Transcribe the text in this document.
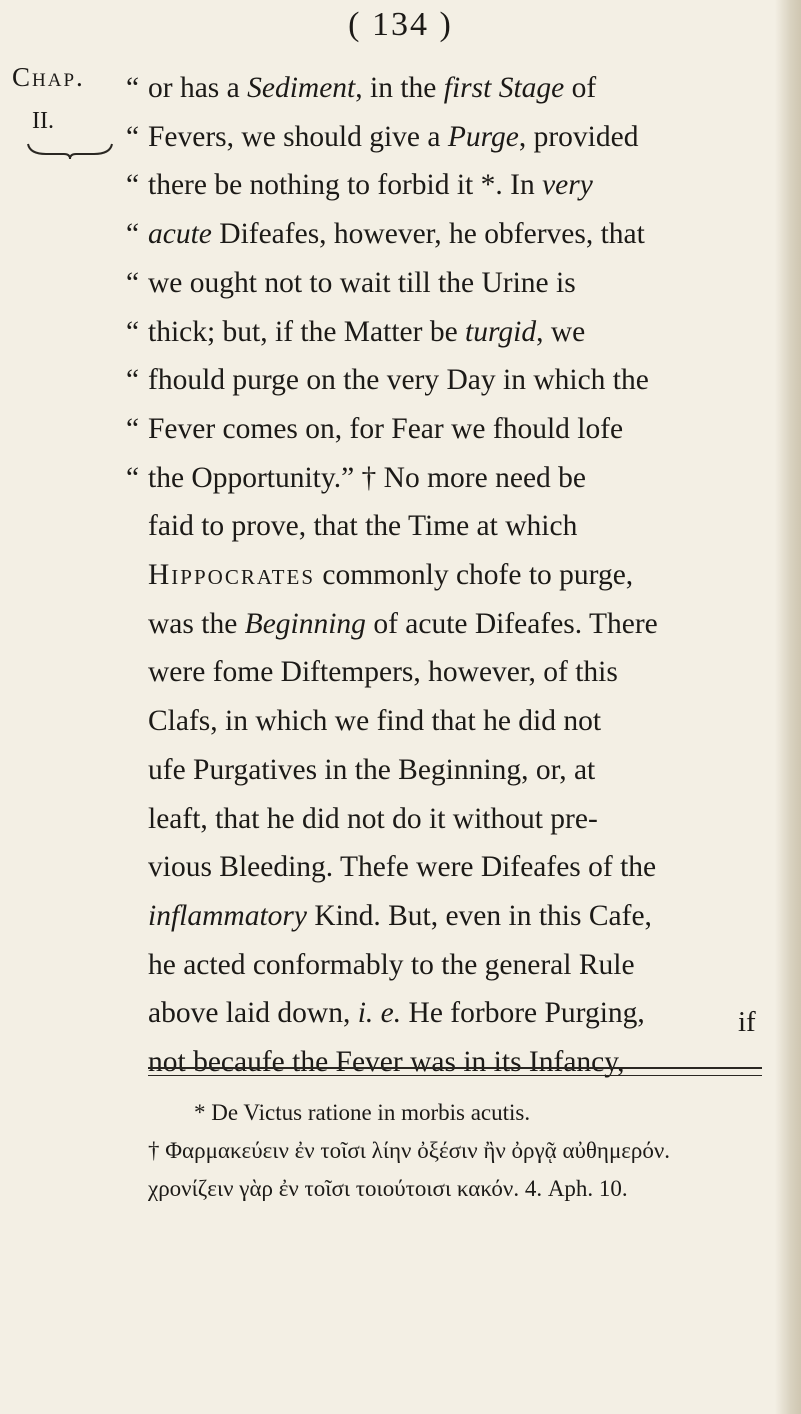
( 134 )
Chap.
II.
“ or has a Sediment, in the first Stage of
“ Fevers, we should give a Purge, provided
“ there be nothing to forbid it *. In very
“ acute Difeafes, however, he obferves, that
“ we ought not to wait till the Urine is
“ thick; but, if the Matter be turgid, we
“ fhould purge on the very Day in which the
“ Fever comes on, for Fear we fhould lofe
“ the Opportunity.” † No more need be
faid to prove, that the Time at which
Hippocrates commonly chofe to purge,
was the Beginning of acute Difeafes. There
were fome Diftempers, however, of this
Clafs, in which we find that he did not
ufe Purgatives in the Beginning, or, at
leaft, that he did not do it without pre-
vious Bleeding. Thefe were Difeafes of the
inflammatory Kind. But, even in this Cafe,
he acted conformably to the general Rule
above laid down, i. e. He forbore Purging,
not becaufe the Fever was in its Infancy,
if
* De Victus ratione in morbis acutis.
† Φαρμακεύειν ἐν τοῖσι λίην ὀξέσιν ἢν ὀργᾷ αὐθημερόν.
χρονίζειν γὰρ ἐν τοῖσι τοιούτοισι κακόν. 4. Aph. 10.
